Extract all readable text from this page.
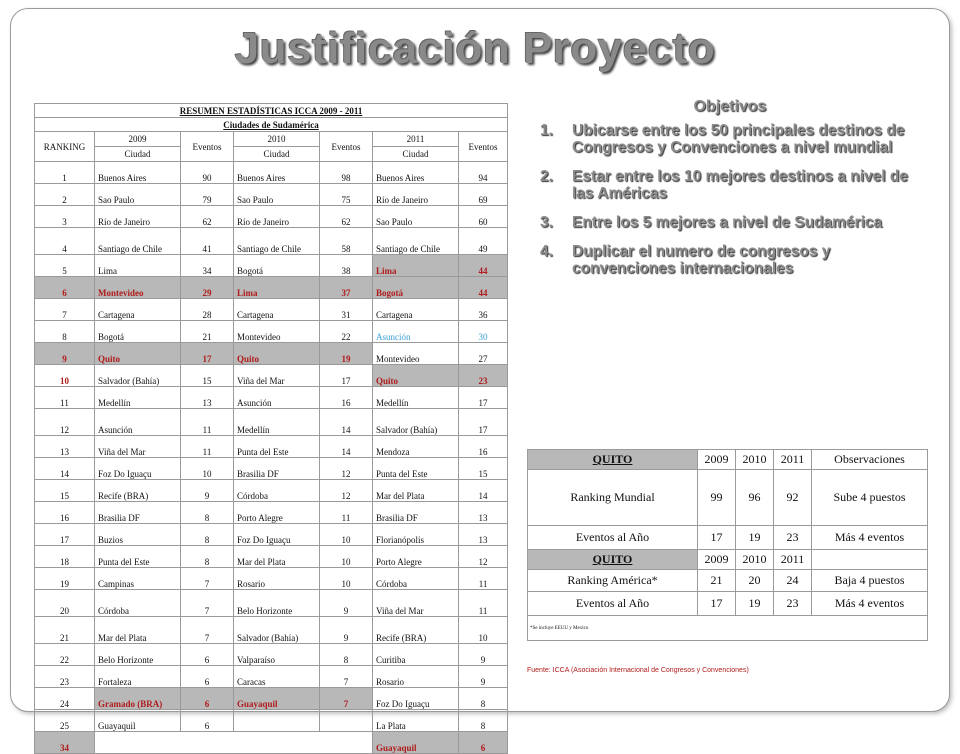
Justificación Proyecto
RESUMEN ESTADÍSTICAS ICCA 2009 - 2011						
Ciudades de Sudamérica						
RANKING	2009	Eventos	2010	Eventos	2011	Eventos
	Ciudad		Ciudad		Ciudad	
1	Buenos Aires	90	Buenos Aires	98	Buenos Aires	94
2	Sao Paulo	79	Sao Paulo	75	Río de Janeiro	69
3	Río de Janeiro	62	Río de Janeiro	62	Sao Paulo	60
4	Santiago de Chile	41	Santiago de Chile	58	Santiago de Chile	49
5	Lima	34	Bogotá	38	Lima	44
6	Montevideo	29	Lima	37	Bogotá	44
7	Cartagena	28	Cartagena	31	Cartagena	36
8	Bogotá	21	Montevideo	22	Asunción	30
9	Quito	17	Quito	19	Montevideo	27
10	Salvador (Bahía)	15	Viña del Mar	17	Quito	23
11	Medellín	13	Asunción	16	Medellín	17
12	Asunción	11	Medellín	14	Salvador (Bahía)	17
13	Viña del Mar	11	Punta del Este	14	Mendoza	16
14	Foz Do Iguaçu	10	Brasilia DF	12	Punta del Este	15
15	Recife (BRA)	9	Córdoba	12	Mar del Plata	14
16	Brasilia DF	8	Porto Alegre	11	Brasilia DF	13
17	Buzios	8	Foz Do Iguaçu	10	Florianópolis	13
18	Punta del Este	8	Mar del Plata	10	Porto Alegre	12
19	Campinas	7	Rosario	10	Córdoba	11
20	Córdoba	7	Belo Horizonte	9	Viña del Mar	11
21	Mar del Plata	7	Salvador (Bahía)	9	Recife (BRA)	10
22	Belo Horizonte	6	Valparaíso	8	Curitiba	9
23	Fortaleza	6	Caracas	7	Rosario	9
24	Gramado (BRA)	6	Guayaquil	7	Foz Do Iguaçu	8
25	Guayaquil	6			La Plata	8
34					Guayaquil	6
Objetivos
1. Ubicarse entre los 50 principales destinos de Congresos y Convenciones a nivel mundial
2. Estar entre los 10 mejores destinos a nivel de las Américas
3. Entre los 5 mejores a nivel de Sudamérica
4. Duplicar el numero de congresos y convenciones internacionales
QUITO	2009	2010	2011	Observaciones
Ranking Mundial	99	96	92	Sube 4 puestos
Eventos al Año	17	19	23	Más 4 eventos
QUITO	2009	2010	2011	
Ranking América*	21	20	24	Baja 4 puestos
Eventos al Año	17	19	23	Más 4 eventos
*Se incluye EEUU y Mexico				
Fuente: ICCA (Asociación Internacional de Congresos y Convenciones)
